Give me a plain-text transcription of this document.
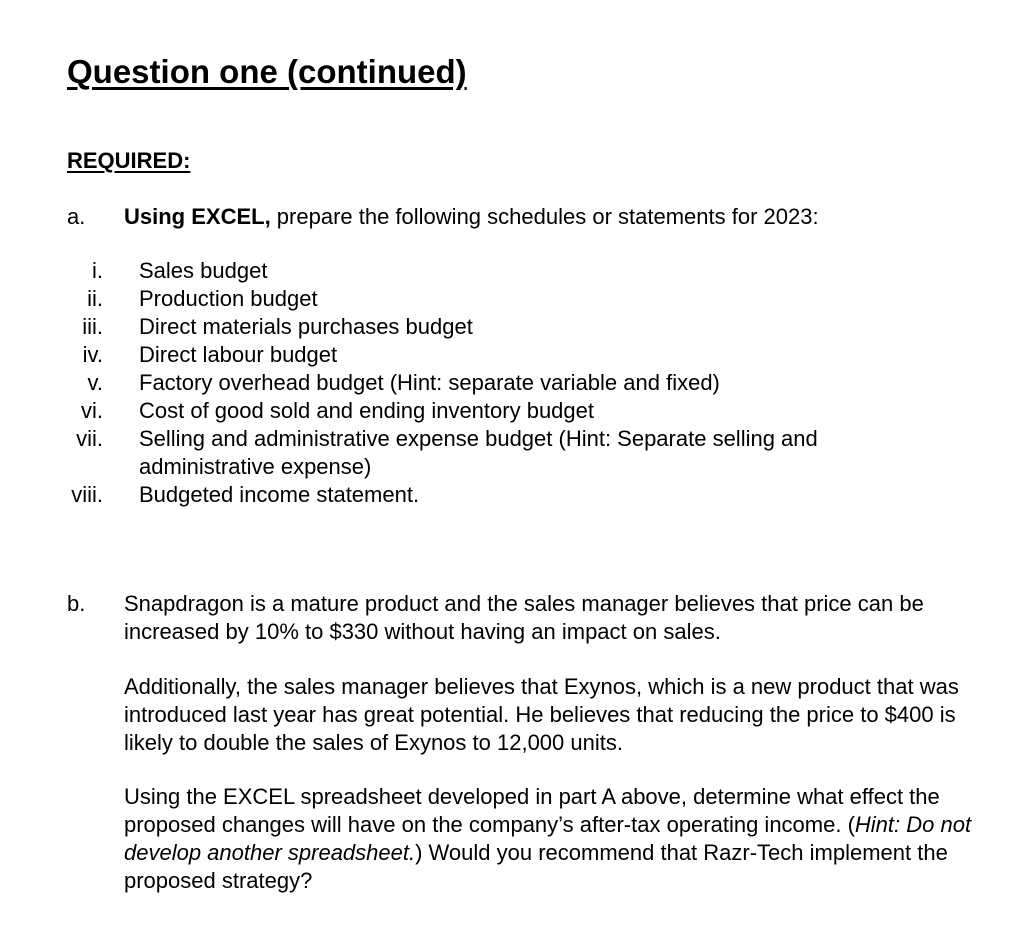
Question one (continued)
REQUIRED:
a. Using EXCEL, prepare the following schedules or statements for 2023:
i. Sales budget
ii. Production budget
iii. Direct materials purchases budget
iv. Direct labour budget
v. Factory overhead budget (Hint: separate variable and fixed)
vi. Cost of good sold and ending inventory budget
vii. Selling and administrative expense budget (Hint: Separate selling and administrative expense)
viii. Budgeted income statement.
b. Snapdragon is a mature product and the sales manager believes that price can be increased by 10% to $330 without having an impact on sales.
Additionally, the sales manager believes that Exynos, which is a new product that was introduced last year has great potential. He believes that reducing the price to $400 is likely to double the sales of Exynos to 12,000 units.
Using the EXCEL spreadsheet developed in part A above, determine what effect the proposed changes will have on the company’s after-tax operating income. (Hint: Do not develop another spreadsheet.) Would you recommend that Razr-Tech implement the proposed strategy?
